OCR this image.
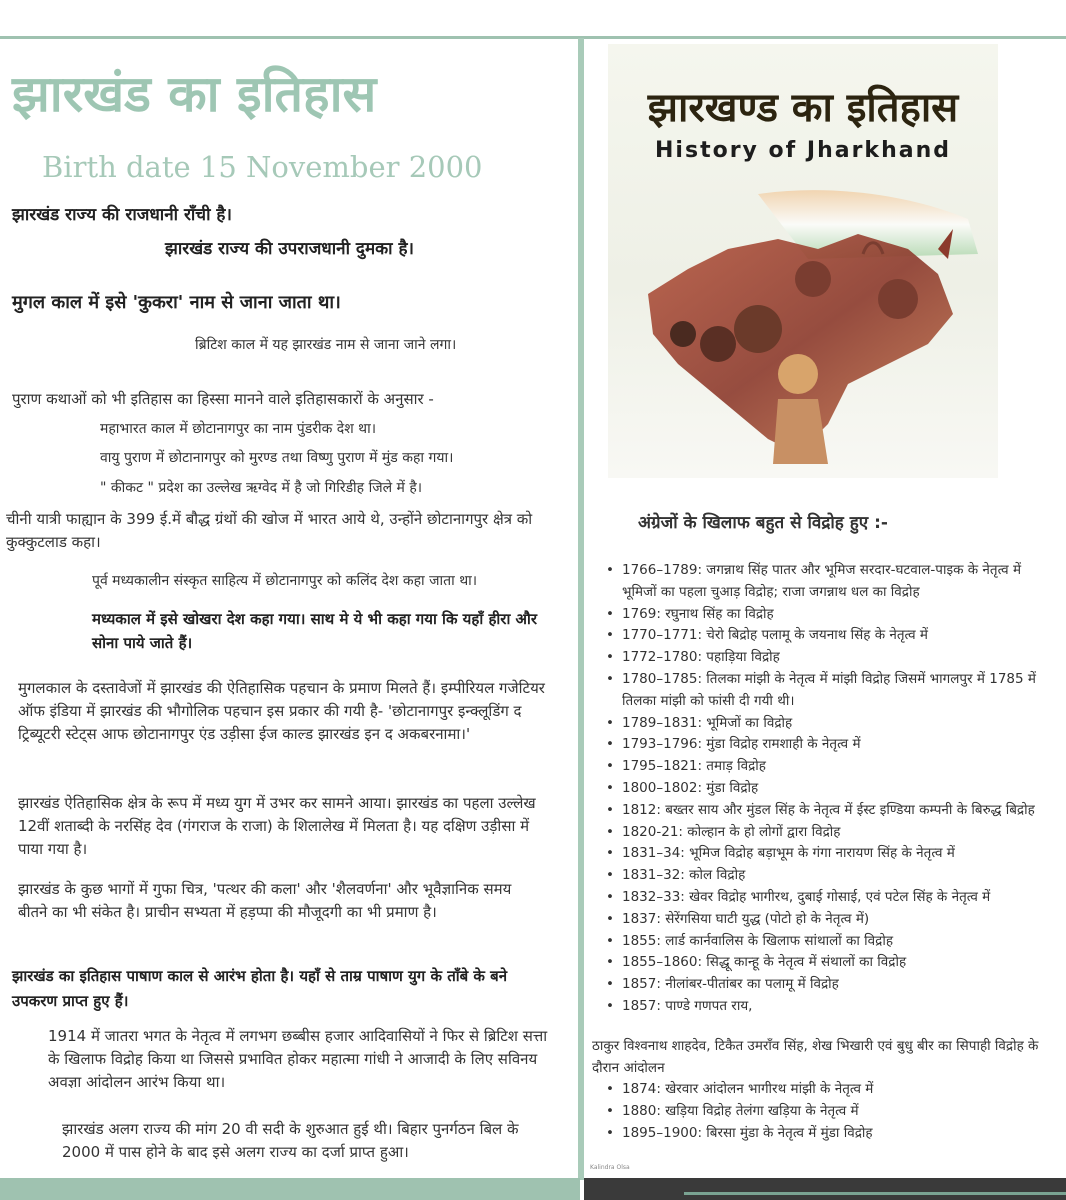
झारखंड का इतिहास
Birth date 15 November 2000
झारखंड राज्य की राजधानी राँची है।
झारखंड राज्य की उपराजधानी दुमका है।
मुगल काल में इसे 'कुकरा' नाम से जाना जाता था।
ब्रिटिश काल में यह झारखंड नाम से जाना जाने लगा।
पुराण कथाओं को भी इतिहास का हिस्सा मानने वाले इतिहासकारों के अनुसार -
महाभारत काल में छोटानागपुर का नाम पुंडरीक देश था।
वायु पुराण में छोटानागपुर को मुरण्ड तथा विष्णु पुराण में मुंड कहा गया।
" कीकट " प्रदेश का उल्लेख ऋग्वेद में है जो गिरिडीह जिले में है।
चीनी यात्री फाह्यान के 399 ई.में बौद्ध ग्रंथों की खोज में भारत आये थे, उन्होंने छोटानागपुर क्षेत्र को कुक्कुटलाड कहा।
पूर्व मध्यकालीन संस्कृत साहित्य में छोटानागपुर को कलिंद देश कहा जाता था।
मध्यकाल में इसे खोखरा देश कहा गया। साथ मे ये भी कहा गया कि यहाँ हीरा और सोना पाये जाते हैं।
मुगलकाल के दस्तावेजों में झारखंड की ऐतिहासिक पहचान के प्रमाण मिलते हैं। इम्पीरियल गजेटियर ऑफ इंडिया में झारखंड की भौगोलिक पहचान इस प्रकार की गयी है- 'छोटानागपुर इन्क्लूडिंग द ट्रिब्यूटरी स्टेट्स आफ छोटानागपुर एंड उड़ीसा ईज काल्ड झारखंड इन द अकबरनामा।'
झारखंड ऐतिहासिक क्षेत्र के रूप में मध्य युग में उभर कर सामने आया। झारखंड का पहला उल्लेख 12वीं शताब्दी के नरसिंह देव (गंगराज के राजा) के शिलालेख में मिलता है। यह दक्षिण उड़ीसा में पाया गया है।
झारखंड के कुछ भागों में गुफा चित्र, 'पत्थर की कला' और 'शैलवर्णना' और भूवैज्ञानिक समय बीतने का भी संकेत है। प्राचीन सभ्यता में हड़प्पा की मौजूदगी का भी प्रमाण है।
झारखंड का इतिहास पाषाण काल से आरंभ होता है। यहाँ से ताम्र पाषाण युग के ताँबे के बने उपकरण प्राप्त हुए हैं।
1914 में जातरा भगत के नेतृत्व में लगभग छब्बीस हजार आदिवासियों ने फिर से ब्रिटिश सत्ता के खिलाफ विद्रोह किया था जिससे प्रभावित होकर महात्मा गांधी ने आजादी के लिए सविनय अवज्ञा आंदोलन आरंभ किया था।
झारखंड अलग राज्य की मांग 20 वी सदी के शुरुआत हुई थी। बिहार पुनर्गठन बिल के 2000 में पास होने के बाद इसे अलग राज्य का दर्जा प्राप्त हुआ।
झारखण्ड का इतिहास
History of Jharkhand
अंग्रेजों के खिलाफ बहुत से विद्रोह हुए :-
• 1766–1789: जगन्नाथ सिंह पातर और भूमिज सरदार-घटवाल-पाइक के नेतृत्व में भूमिजों का पहला चुआड़ विद्रोह; राजा जगन्नाथ धल का विद्रोह
• 1769: रघुनाथ सिंह का विद्रोह
• 1770–1771: चेरो बिद्रोह पलामू के जयनाथ सिंह के नेतृत्व में
• 1772–1780: पहाड़िया विद्रोह
• 1780–1785: तिलका मांझी के नेतृत्व में मांझी विद्रोह जिसमें भागलपुर में 1785 में तिलका मांझी को फांसी दी गयी थी।
• 1789–1831: भूमिजों का विद्रोह
• 1793–1796: मुंडा विद्रोह रामशाही के नेतृत्व में
• 1795–1821: तमाड़ विद्रोह
• 1800–1802: मुंडा विद्रोह
• 1812: बख्तर साय और मुंडल सिंह के नेतृत्व में ईस्ट इण्डिया कम्पनी के बिरुद्ध बिद्रोह
• 1820-21: कोल्हान के हो लोगों द्वारा विद्रोह
• 1831–34: भूमिज विद्रोह बड़ाभूम के गंगा नारायण सिंह के नेतृत्व में
• 1831–32: कोल विद्रोह
• 1832–33: खेवर विद्रोह भागीरथ, दुबाई गोसाई, एवं पटेल सिंह के नेतृत्व में
• 1837: सेरेंगसिया घाटी युद्ध (पोटो हो के नेतृत्व में)
• 1855: लार्ड कार्नवालिस के खिलाफ सांथालों का विद्रोह
• 1855–1860: सिद्धू कान्हू के नेतृत्व में संथालों का विद्रोह
• 1857: नीलांबर-पीतांबर का पलामू में विद्रोह
• 1857: पाण्डे गणपत राय,
ठाकुर विश्वनाथ शाहदेव, टिकैत उमराँव सिंह, शेख भिखारी एवं बुधु बीर का सिपाही विद्रोह के दौरान आंदोलन
• 1874: खेरवार आंदोलन भागीरथ मांझी के नेतृत्व में
• 1880: खड़िया विद्रोह तेलंगा खड़िया के नेतृत्व में
• 1895–1900: बिरसा मुंडा के नेतृत्व में मुंडा विद्रोह
Kalindra Olsa
